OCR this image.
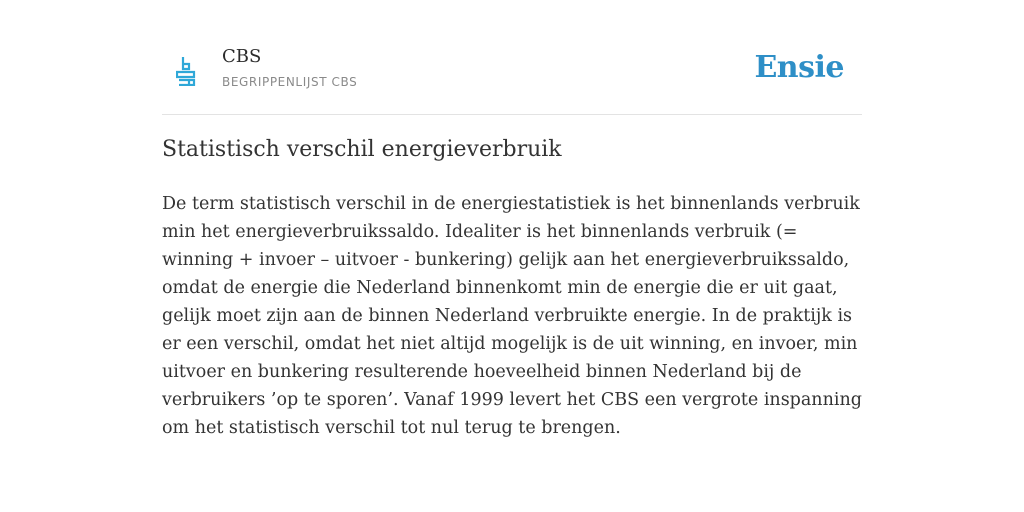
CBS
BEGRIPPENLIJST CBS	Ensie
Statistisch verschil energieverbruik

De term statistisch verschil in de energiestatistiek is het binnenlands verbruik min het energieverbruikssaldo. Idealiter is het binnenlands verbruik (= winning + invoer – uitvoer - bunkering) gelijk aan het energieverbruikssaldo, omdat de energie die Nederland binnenkomt min de energie die er uit gaat, gelijk moet zijn aan de binnen Nederland verbruikte energie. In de praktijk is er een verschil, omdat het niet altijd mogelijk is de uit winning, en invoer, min uitvoer en bunkering resulterende hoeveelheid binnen Nederland bij de verbruikers ’op te sporen’. Vanaf 1999 levert het CBS een vergrote inspanning om het statistisch verschil tot nul terug te brengen.
